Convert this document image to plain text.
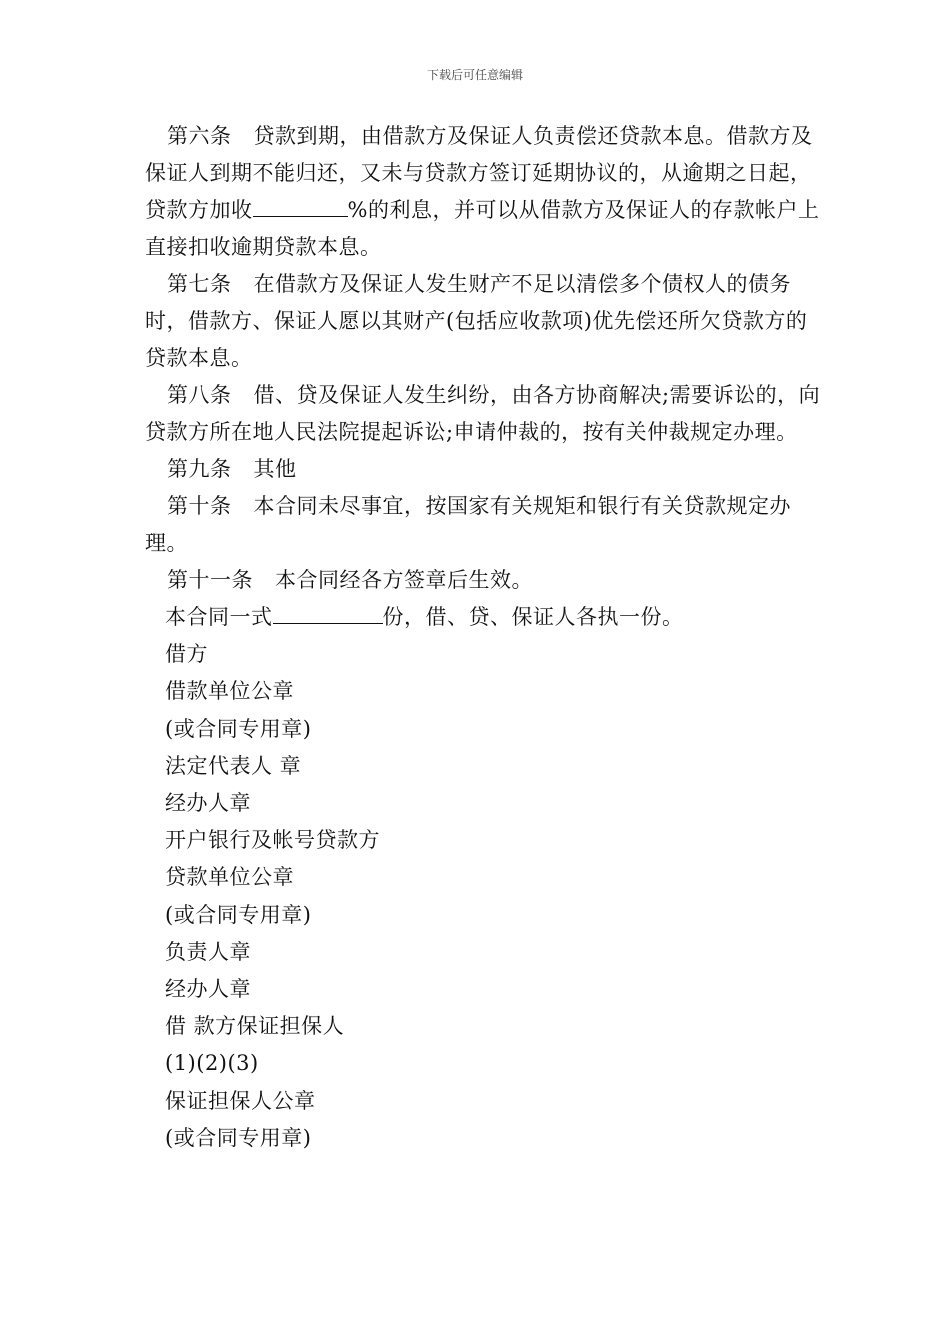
下载后可任意编辑

第六条 贷款到期，由借款方及保证人负责偿还贷款本息。借款方及保证人到期不能归还，又未与贷款方签订延期协议的，从逾期之日起，贷款方加收	%的利息，并可以从借款方及保证人的存款帐户上直接扣收逾期贷款本息。

第七条 在借款方及保证人发生财产不足以清偿多个债权人的债务时，借款方、保证人愿以其财产(包括应收款项)优先偿还所欠贷款方的贷款本息。

第八条 借、贷及保证人发生纠纷，由各方协商解决;需要诉讼的，向贷款方所在地人民法院提起诉讼;申请仲裁的，按有关仲裁规定办理。

第九条 其他

第十条 本合同未尽事宜，按国家有关规矩和银行有关贷款规定办理。

第十一条 本合同经各方签章后生效。

本合同一式	份，借、贷、保证人各执一份。

借方

借款单位公章

(或合同专用章)

法定代表人 章

经办人章

开户银行及帐号贷款方

贷款单位公章

(或合同专用章)

负责人章

经办人章

借 款方保证担保人

(1)(2)(3)

保证担保人公章

(或合同专用章)
